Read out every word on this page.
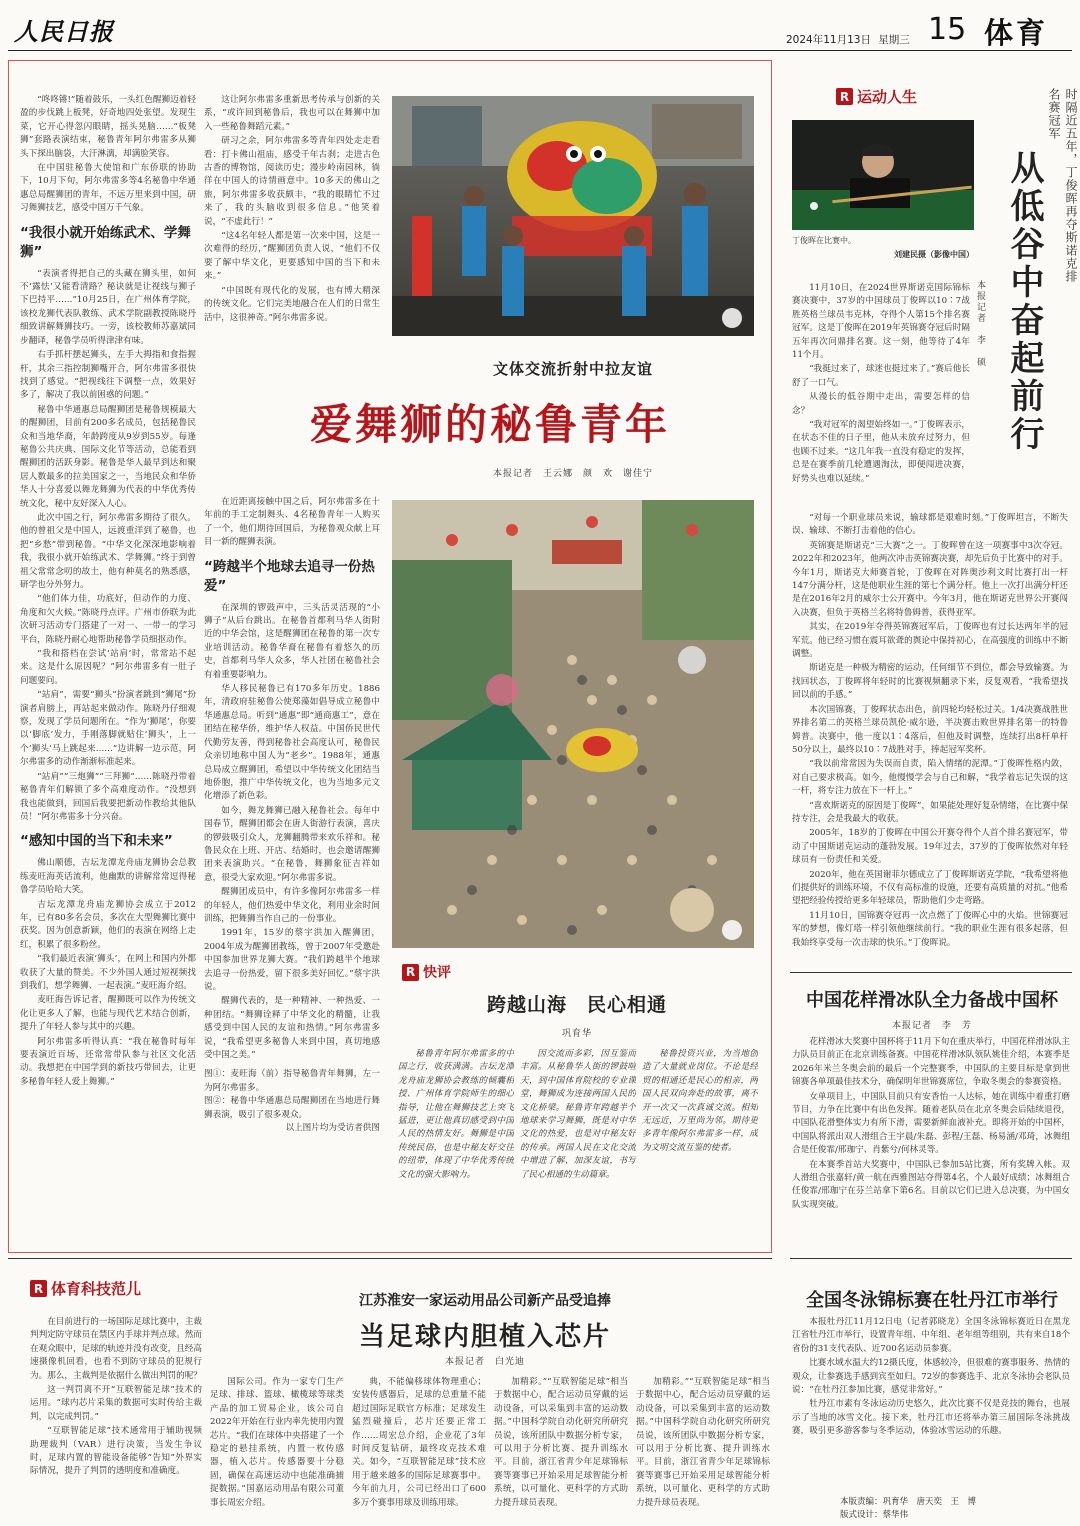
人民日报	2024年11月13日 星期三 15 体育

“咚咚锵!”随着鼓乐，一头红色醒狮迈着轻盈的步伐跳上板凳，好奇地四处张望。发现生菜，它开心得忽闪眼睛，摇头晃脑……“板凳狮”套路表演结束，秘鲁青年阿尔弗雷多从狮头下探出脑袋，大汗淋漓，却满脸笑容。

在中国驻秘鲁大使馆和广东侨联的协助下，10月下旬，阿尔弗雷多等4名秘鲁中华通惠总局醒狮团的青年，不远万里来到中国，研习舞狮技艺，感受中国万千气象。

“我很小就开始练武术、学舞狮”

“表演者得把自己的头藏在狮头里，如何不‘露怯’又能看清路？秘诀就是让视线与狮子下巴持平……”10月25日，在广州体育学院，该校龙狮代表队教练、武术学院副教授陈晓丹细致讲解舞狮技巧。一旁，该校教师苏嘉斌同步翻译，秘鲁学员听得津津有味。

右手抓杆摆起狮头，左手大拇指和食指握杆，其余三指控制狮嘴开合，阿尔弗雷多很快找到了感觉。“把视线往下调整一点，效果好多了，解决了我以前困惑的问题。”

秘鲁中华通惠总局醒狮团是秘鲁规模最大的醒狮团，目前有200多名成员，包括秘鲁民众和当地华裔，年龄跨度从9岁到55岁。每逢秘鲁公共庆典、国际文化节等活动，总能看到醒狮团的活跃身影。秘鲁是华人最早到达和聚居人数最多的拉美国家之一，当地民众和华侨华人十分喜爱以舞龙舞狮为代表的中华优秀传统文化，秘中友好深入人心。

此次中国之行，阿尔弗雷多期待了很久。他的曾祖父是中国人，远渡重洋到了秘鲁，也把“乡愁”带到秘鲁。“中华文化深深地影响着我，我很小就开始练武术、学舞狮。”终于到曾祖父常常念叨的故土，他有种莫名的熟悉感，研学也分外努力。

“他们体力佳，功底好，但动作的力度、角度和欠火候。”陈晓丹点评。广州市侨联为此次研习活动专门搭建了一对一、一带一的学习平台，陈晓丹耐心地帮助秘鲁学员细抠动作。

“我和搭档在尝试‘站肩’时，常常站不起来。这是什么原因呢？”阿尔弗雷多有一肚子问题要问。

“站肩”，需要“狮头”扮演者跳到“狮尾”扮演者肩膀上，再站起来做动作。陈晓丹仔细观察，发现了学员问题所在。“作为‘狮尾’，你要以‘脚底’发力，手刚落脚就贴住‘狮头’，上一个‘狮头’马上跳起来……”边讲解一边示范，阿尔弗雷多的动作渐渐标准起来。

“站肩”“三炮狮”“三拜狮”……陈晓丹带着秘鲁青年们解锁了多个高难度动作。“没想到我也能做到，回国后我要把新动作教给其他队员！”阿尔弗雷多十分兴奋。

“感知中国的当下和未来”

佛山顺德，吉坛龙潭龙舟庙龙狮协会总教练麦旺海英话流利，他幽默的讲解常常逗得秘鲁学员哈哈大笑。

吉坛龙潭龙舟庙龙狮协会成立于2012年，已有80多名会员，多次在大型舞狮比赛中获奖。因为创意新颖，他们的表演在网络上走红，积累了很多粉丝。

“我们最近表演‘狮头’，在网上和国内外都收获了大量的赞美。不少外国人通过短视频找到我们，想学舞狮、一起表演。”麦旺海介绍。

麦旺海告诉记者，醒狮既可以作为传统文化让更多人了解，也能与现代艺术结合创新，提升了年轻人参与其中的兴趣。

阿尔弗雷多听得认真：“我在秘鲁时每年要表演近百场，还常常带队参与社区文化活动。我想把在中国学到的新技巧带回去，让更多秘鲁年轻人爱上舞狮。”

这让阿尔弗雷多重新思考传承与创新的关系，“或许回到秘鲁后，我也可以在舞狮中加入一些秘鲁舞蹈元素。”

研习之余，阿尔弗雷多等青年四处走走看看：打卡佛山祖庙，感受千年古刹；走进古色古香的博物馆，阅读历史；漫步岭南园林，徜徉在中国人的诗情画意中。10多天的佛山之旅，阿尔弗雷多收获颇丰，“我的眼睛忙不过来了，我的头脑收到很多信息。”他笑着说，“不虚此行！”

“这4名年轻人都是第一次来中国，这是一次难得的经历，”醒狮团负责人说，“他们不仅要了解中华文化，更要感知中国的当下和未来。”

“中国既有现代化的发展，也有博大精深的传统文化。它们完美地融合在人们的日常生活中，这很神奇。”阿尔弗雷多说。

文体交流折射中拉友谊
爱舞狮的秘鲁青年
本报记者　王云娜　颜　欢　谢佳宁

在近距离接触中国之后，阿尔弗雷多在十年前的手工定制舞头、4名秘鲁青年一人购买了一个，他们期待回国后，为秘鲁观众献上耳目一新的醒狮表演。

“跨越半个地球去追寻一份热爱”

在深圳的锣鼓声中，三头活灵活现的“小狮子”从后台跳出。在秘鲁首都利马华人街附近的中华会馆，这是醒狮团在秘鲁的第一次专业培训活动。秘鲁华裔在秘鲁有着悠久的历史，首都利马华人众多，华人社团在秘鲁社会有着重要影响力。

华人移民秘鲁已有170多年历史。1886年，清政府驻秘鲁公使郑藻如倡导成立秘鲁中华通惠总局。听到“通惠”即“通商惠工”，意在团结在秘华侨，维护华人权益。中国侨民世代代勤劳友善，得到秘鲁社会高度认可，秘鲁民众亲切地称中国人为“老乡”。1988年，通惠总局成立醒狮团，希望以中华传统文化团结当地侨胞，推广中华传统文化，也为当地多元文化增添了新色彩。

如今，舞龙舞狮已融入秘鲁社会。每年中国春节，醒狮团都会在唐人街游行表演，喜庆的锣鼓吸引众人，龙狮翻腾带来欢乐祥和。秘鲁民众在上班、开店、结婚时，也会邀请醒狮团来表演助兴。“在秘鲁，舞狮象征吉祥如意，很受大家欢迎。”阿尔弗雷多说。

醒狮团成员中，有许多像阿尔弗雷多一样的年轻人，他们热爱中华文化，利用业余时间训练，把舞狮当作自己的一份事业。

1991年，15岁的蔡宇洪加入醒狮团，2004年成为醒狮团教练，曾于2007年受邀赴中国参加世界龙狮大赛。“我们跨越半个地球去追寻一份热爱，留下很多美好回忆。”蔡宇洪说。

醒狮代表的，是一种精神、一种热爱、一种团结。“舞狮诠释了中华文化的精髓，让我感受到中国人民的友谊和热情。”阿尔弗雷多说，“我希望更多秘鲁人来到中国，真切地感受中国之美。”

图①：麦旺海（前）指导秘鲁青年舞狮，左一为阿尔弗雷多。
图②：秘鲁中华通惠总局醒狮团在当地进行舞狮表演，吸引了很多观众。
以上图片均为受访者供图
R 快评
跨越山海　民心相通
巩育华

秘鲁青年阿尔弗雷多的中国之行，收获满满。吉坛龙潭龙舟庙龙狮协会教练的倾囊相授、广州体育学院师生的细心指导，让他在舞狮技艺上突飞猛进，更让他真切感受到中国人民的热情友好。舞狮是中国传统民俗，也是中秘友好交往的纽带，体现了中华优秀传统文化的强大影响力。

因交流而多彩，因互鉴而丰富。从秘鲁华人街的锣鼓喧天，到中国体育院校的专业课堂，舞狮成为连接两国人民的文化桥梁。秘鲁青年跨越半个地球来学习舞狮，既是对中华文化的热爱，也是对中秘友好的传承。两国人民在文化交流中增进了解、加深友谊，书写了民心相通的生动篇章。

秘鲁投资兴业，为当地创造了大量就业岗位。不论是经贸的相通还是民心的相亲，两国人民双向奔赴的故事，离不开一次又一次真诚交流。相知无远近，万里尚为邻。期待更多青年像阿尔弗雷多一样，成为文明交流互鉴的使者。

R 运动人生
丁俊晖在比赛中。
刘建民摄（影像中国）	时隔近五年，丁俊晖再夺斯诺克排名赛冠军
从低谷中奋起前行
本报记者　李　硕

11月10日，在2024世界斯诺克国际锦标赛决赛中，37岁的中国球员丁俊晖以10∶7战胜英格兰球员韦克林，夺得个人第15个排名赛冠军。这是丁俊晖在2019年英锦赛夺冠后时隔五年再次问鼎排名赛。这一刻，他等待了4年11个月。

“我挺过来了，球迷也挺过来了。”赛后他长舒了一口气。

从漫长的低谷期中走出，需要怎样的信念？

“我对冠军的渴望始终如一。”丁俊晖表示，在状态不佳的日子里，他从未放弃过努力，但也顾不过来。“这几年我一直没有稳定的发挥，总是在赛季前几轮遭遇淘汰，即便闯进决赛，好势头也难以延续。”

“对每一个职业球员来说，输球都是艰难时刻。”丁俊晖坦言，不断失误、输球、不断打击着他的信心。

英锦赛是斯诺克“三大赛”之一。丁俊晖曾在这一项赛事中3次夺冠。2022年和2023年，他两次冲击英锦赛决赛，却先后负于比赛中的对手。今年1月，斯诺克大师赛首轮，丁俊晖在对阵奥沙利文时比赛打出一杆147分满分杆，这是他职业生涯的第七个满分杆。他上一次打出满分杆还是在2016年2月的威尔士公开赛中。今年3月，他在斯诺克世界公开赛闯入决赛，但负于英格兰名将特鲁姆普，获得亚军。

其实，在2019年夺得英锦赛冠军后，丁俊晖也有过长达两年半的冠军荒。他已经习惯在震耳欲聋的舆论中保持初心，在高强度的训练中不断调整。

斯诺克是一种极为精密的运动，任何细节不到位，都会导致输赛。为找回状态，丁俊晖将年轻时的比赛视频翻录下来，反复观看，“我希望找回以前的手感。”

本次国锦赛，丁俊晖状态出色，前四轮均轻松过关。1/4决赛战胜世界排名第二的英格兰球员凯伦·威尔逊，半决赛击败世界排名第一的特鲁姆普。决赛中，他一度以1∶4落后，但他及时调整，连续打出8杆单杆50分以上，最终以10∶7战胜对手，捧起冠军奖杯。

“我以前常常因为失误而自责，陷入情绪的泥潭。”丁俊晖性格内敛，对自己要求极高。如今，他慢慢学会与自己和解，“我学着忘记失误的这一杆，将专注力放在下一杆上。”

“喜欢斯诺克的原因是丁俊晖”，如果能处理好复杂情绪，在比赛中保持专注，会是我最大的收获。

2005年，18岁的丁俊晖在中国公开赛夺得个人首个排名赛冠军，带动了中国斯诺克运动的蓬勃发展。19年过去，37岁的丁俊晖依然对年轻球员有一份责任和关爱。

2020年，他在英国谢菲尔德成立了丁俊晖斯诺克学院，“我希望将他们提供好的训练环境，不仅有高标准的设施，还要有高质量的对抗。”他希望把经验传授给更多年轻球员，帮助他们少走弯路。

11月10日，国锦赛夺冠再一次点燃了丁俊晖心中的火焰。世锦赛冠军的梦想，像灯塔一样引领他继续前行。“我的职业生涯有很多起落，但我始终享受每一次击球的快乐。”丁俊晖说。

中国花样滑冰队全力备战中国杯
本报记者　李　芳

花样滑冰大奖赛中国杯将于11月下旬在重庆举行，中国花样滑冰队主力队员目前正在北京训练备赛。中国花样滑冰队领队姚佳介绍，本赛季是2026年米兰冬奥会前的最后一个完整赛季，中国队的主要目标是拿到世锦赛各单项最佳技术分，确保明年世锦赛席位，争取冬奥会的参赛资格。

女单项目上，中国队目前只有安香怡一人达标，她在训练中着重打磨节目，力争在比赛中有出色发挥。随着老队员在北京冬奥会后陆续退役，中国队花滑整体实力有所下滑，需要新鲜血液补充。即将开始的中国杯，中国队将派出双人滑组合王宇晨/朱磊、彭程/王磊、杨易涵/邓琦，冰舞组合是任俊霏/邢珈宁、肖紫兮/何林灵等。

在本赛季首站大奖赛中，中国队已参加5站比赛，所有奖牌入帐。双人滑组合张嘉轩/黄一航在西雅图站夺得第4名，个人最好成绩；冰舞组合任俊霏/邢珈宁在芬兰站拿下第6名。目前以它们已进入总决赛，为中国女队实现突破。

全国冬泳锦标赛在牡丹江市举行

本报牡丹江11月12日电（记者郭晓龙）全国冬泳锦标赛近日在黑龙江省牡丹江市举行，设置青年组、中年组、老年组等组别，共有来自18个省份的31支代表队、近700名运动员参赛。

比赛水域水温大约12摄氏度，体感较冷，但很难的赛事服务、热情的观众，让参赛选手感到宾至如归。72岁的参赛选手、北京冬泳协会老队员说：“在牡丹江参加比赛，感觉非常好。”

牡丹江市素有冬泳运动历史悠久，此次比赛不仅是竞技的舞台，也展示了当地的冰雪文化。接下来，牡丹江市还将举办第三届国际冬泳挑战赛，吸引更多游客参与冬季运动，体验冰雪运动的乐趣。

R 体育科技范儿
江苏淮安一家运动用品公司新产品受追捧
当足球内胆植入芯片
本报记者　白光迪

在目前进行的一场国际足球比赛中，主裁判判定防守球员在禁区内手球并判点球。然而在观众眼中，足球的轨迹并没有改变，且经高速摄像机回看，也看不到防守球员的犯规行为。那么，主裁判是依据什么做出判罚的呢？

这一判罚离不开“互联智能足球”技术的运用。“球内芯片采集的数据可实时传给主裁判，以完成判罚。”

“互联智能足球”技术通常用于辅助视频助理裁判（VAR）进行决策，当发生争议时，足球内置的智能设备能够“告知”外界实际情况，提升了判罚的透明度和准确度。

国际公司。作为一家专门生产足球、排球、篮球、橄榄球等球类产品的加工贸易企业，该公司自2022年开始在行业内率先使用内置芯片。“我们在球体中央搭建了一个稳定的悬挂系统，内置一枚传感器，植入芯片。传感器要十分稳固，确保在高速运动中也能准确捕捉数据。”国嘉运动用品有限公司董事长周宏介绍。

典，不能偏移球体物理重心；安装传感器后，足球的总重量不能超过国际足联官方标准；足球发生猛烈碰撞后，芯片还要正常工作……周宏总介绍，企业花了3年时间反复钻研，最终攻克技术难关。如今，“互联智能足球”技术应用于越来越多的国际足球赛事中。今年前九月，公司已经出口了600多万个赛事用球及训练用球。

加精彩。”“互联智能足球”相当于数据中心，配合运动员穿戴的运动设备，可以采集到丰富的运动数据。”中国科学院自动化研究所研究员说，该所团队中数据分析专家，可以用于分析比赛、提升训练水平。目前，浙江省青少年足球锦标赛等赛事已开始采用足球智能分析系统，以可量化、更科学的方式助力提升球员表现。

加精彩。”“互联智能足球”相当于数据中心，配合运动员穿戴的运动设备，可以采集到丰富的运动数据。”中国科学院自动化研究所研究员说，该所团队中数据分析专家，可以用于分析比赛、提升训练水平。目前，浙江省青少年足球锦标赛等赛事已开始采用足球智能分析系统，以可量化、更科学的方式助力提升球员表现。	本版责编：巩育华　唐天奕　王　博
版式设计：蔡华伟
